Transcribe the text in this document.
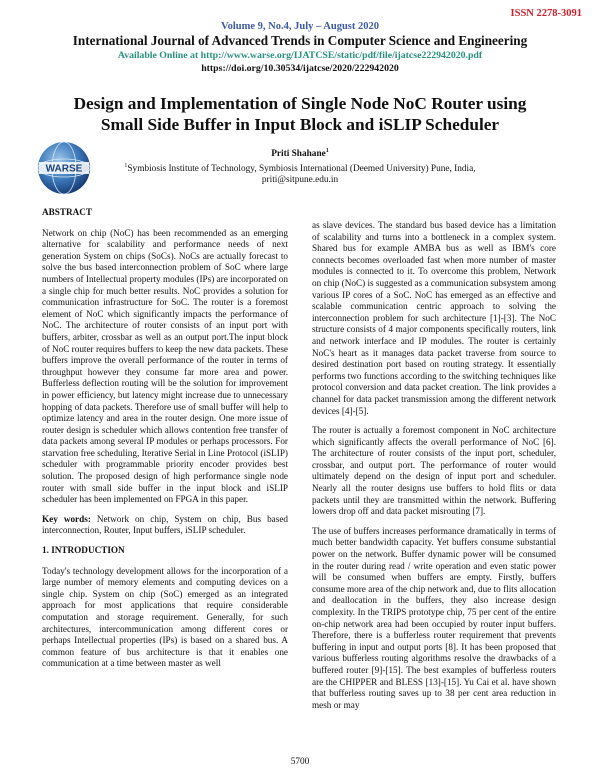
ISSN 2278-3091
Volume 9, No.4, July – August 2020
International Journal of Advanced Trends in Computer Science and Engineering
Available Online at http://www.warse.org/IJATCSE/static/pdf/file/ijatcse222942020.pdf
https://doi.org/10.30534/ijatcse/2020/222942020
Design and Implementation of Single Node NoC Router using Small Side Buffer in Input Block and iSLIP Scheduler
WARSE
Priti Shahane$^1$
$^1$Symbiosis Institute of Technology, Symbiosis International (Deemed University) Pune, India,
priti@sitpune.edu.in
ABSTRACT

Network on chip (NoC) has been recommended as an emerging alternative for scalability and performance needs of next generation System on chips (SoCs). NoCs are actually forecast to solve the bus based interconnection problem of SoC where large numbers of Intellectual property modules (IPs) are incorporated on a single chip for much better results. NoC provides a solution for communication infrastructure for SoC. The router is a foremost element of NoC which significantly impacts the performance of NoC. The architecture of router consists of an input port with buffers, arbiter, crossbar as well as an output port.The input block of NoC router requires buffers to keep the new data packets. These buffers improve the overall performance of the router in terms of throughput however they consume far more area and power. Bufferless deflection routing will be the solution for improvement in power efficiency, but latency might increase due to unnecessary hopping of data packets. Therefore use of small buffer will help to optimize latency and area in the router design. One more issue of router design is scheduler which allows contention free transfer of data packets among several IP modules or perhaps processors. For starvation free scheduling, Iterative Serial in Line Protocol (iSLIP) scheduler with programmable priority encoder provides best solution. The proposed design of high performance single node router with small side buffer in the input block and iSLIP scheduler has been implemented on FPGA in this paper.

Key words: Network on chip, System on chip, Bus based interconnection, Router, Input buffers, iSLIP scheduler.

1. INTRODUCTION

Today's technology development allows for the incorporation of a large number of memory elements and computing devices on a single chip. System on chip (SoC) emerged as an integrated approach for most applications that require considerable computation and storage requirement. Generally, for such architectures, intercommunication among different cores or perhaps Intellectual properties (IPs) is based on a shared bus. A common feature of bus architecture is that it enables one communication at a time between master as well

as slave devices. The standard bus based device has a limitation of scalability and turns into a bottleneck in a complex system. Shared bus for example AMBA bus as well as IBM's core connects becomes overloaded fast when more number of master modules is connected to it. To overcome this problem, Network on chip (NoC) is suggested as a communication subsystem among various IP cores of a SoC. NoC has emerged as an effective and scalable communication centric approach to solving the interconnection problem for such architecture [1]-[3]. The NoC structure consists of 4 major components specifically routers, link and network interface and IP modules. The router is certainly NoC's heart as it manages data packet traverse from source to desired destination port based on routing strategy. It essentially performs two functions according to the switching techniques like protocol conversion and data packet creation. The link provides a channel for data packet transmission among the different network devices [4]-[5].

The router is actually a foremost component in NoC architecture which significantly affects the overall performance of NoC [6]. The architecture of router consists of the input port, scheduler, crossbar, and output port. The performance of router would ultimately depend on the design of input port and scheduler. Nearly all the router designs use buffers to hold flits or data packets until they are transmitted within the network. Buffering lowers drop off and data packet misrouting [7].

The use of buffers increases performance dramatically in terms of much better bandwidth capacity. Yet buffers consume substantial power on the network. Buffer dynamic power will be consumed in the router during read / write operation and even static power will be consumed when buffers are empty. Firstly, buffers consume more area of the chip network and, due to flits allocation and deallocation in the buffers, they also increase design complexity. In the TRIPS prototype chip, 75 per cent of the entire on-chip network area had been occupied by router input buffers. Therefore, there is a bufferless router requirement that prevents buffering in input and output ports [8]. It has been proposed that various bufferless routing algorithms resolve the drawbacks of a buffered router [9]-[15]. The best examples of bufferless routers are the CHIPPER and BLESS [13]-[15]. Yu Cai et al. have shown that bufferless routing saves up to 38 per cent area reduction in mesh or may

5700
